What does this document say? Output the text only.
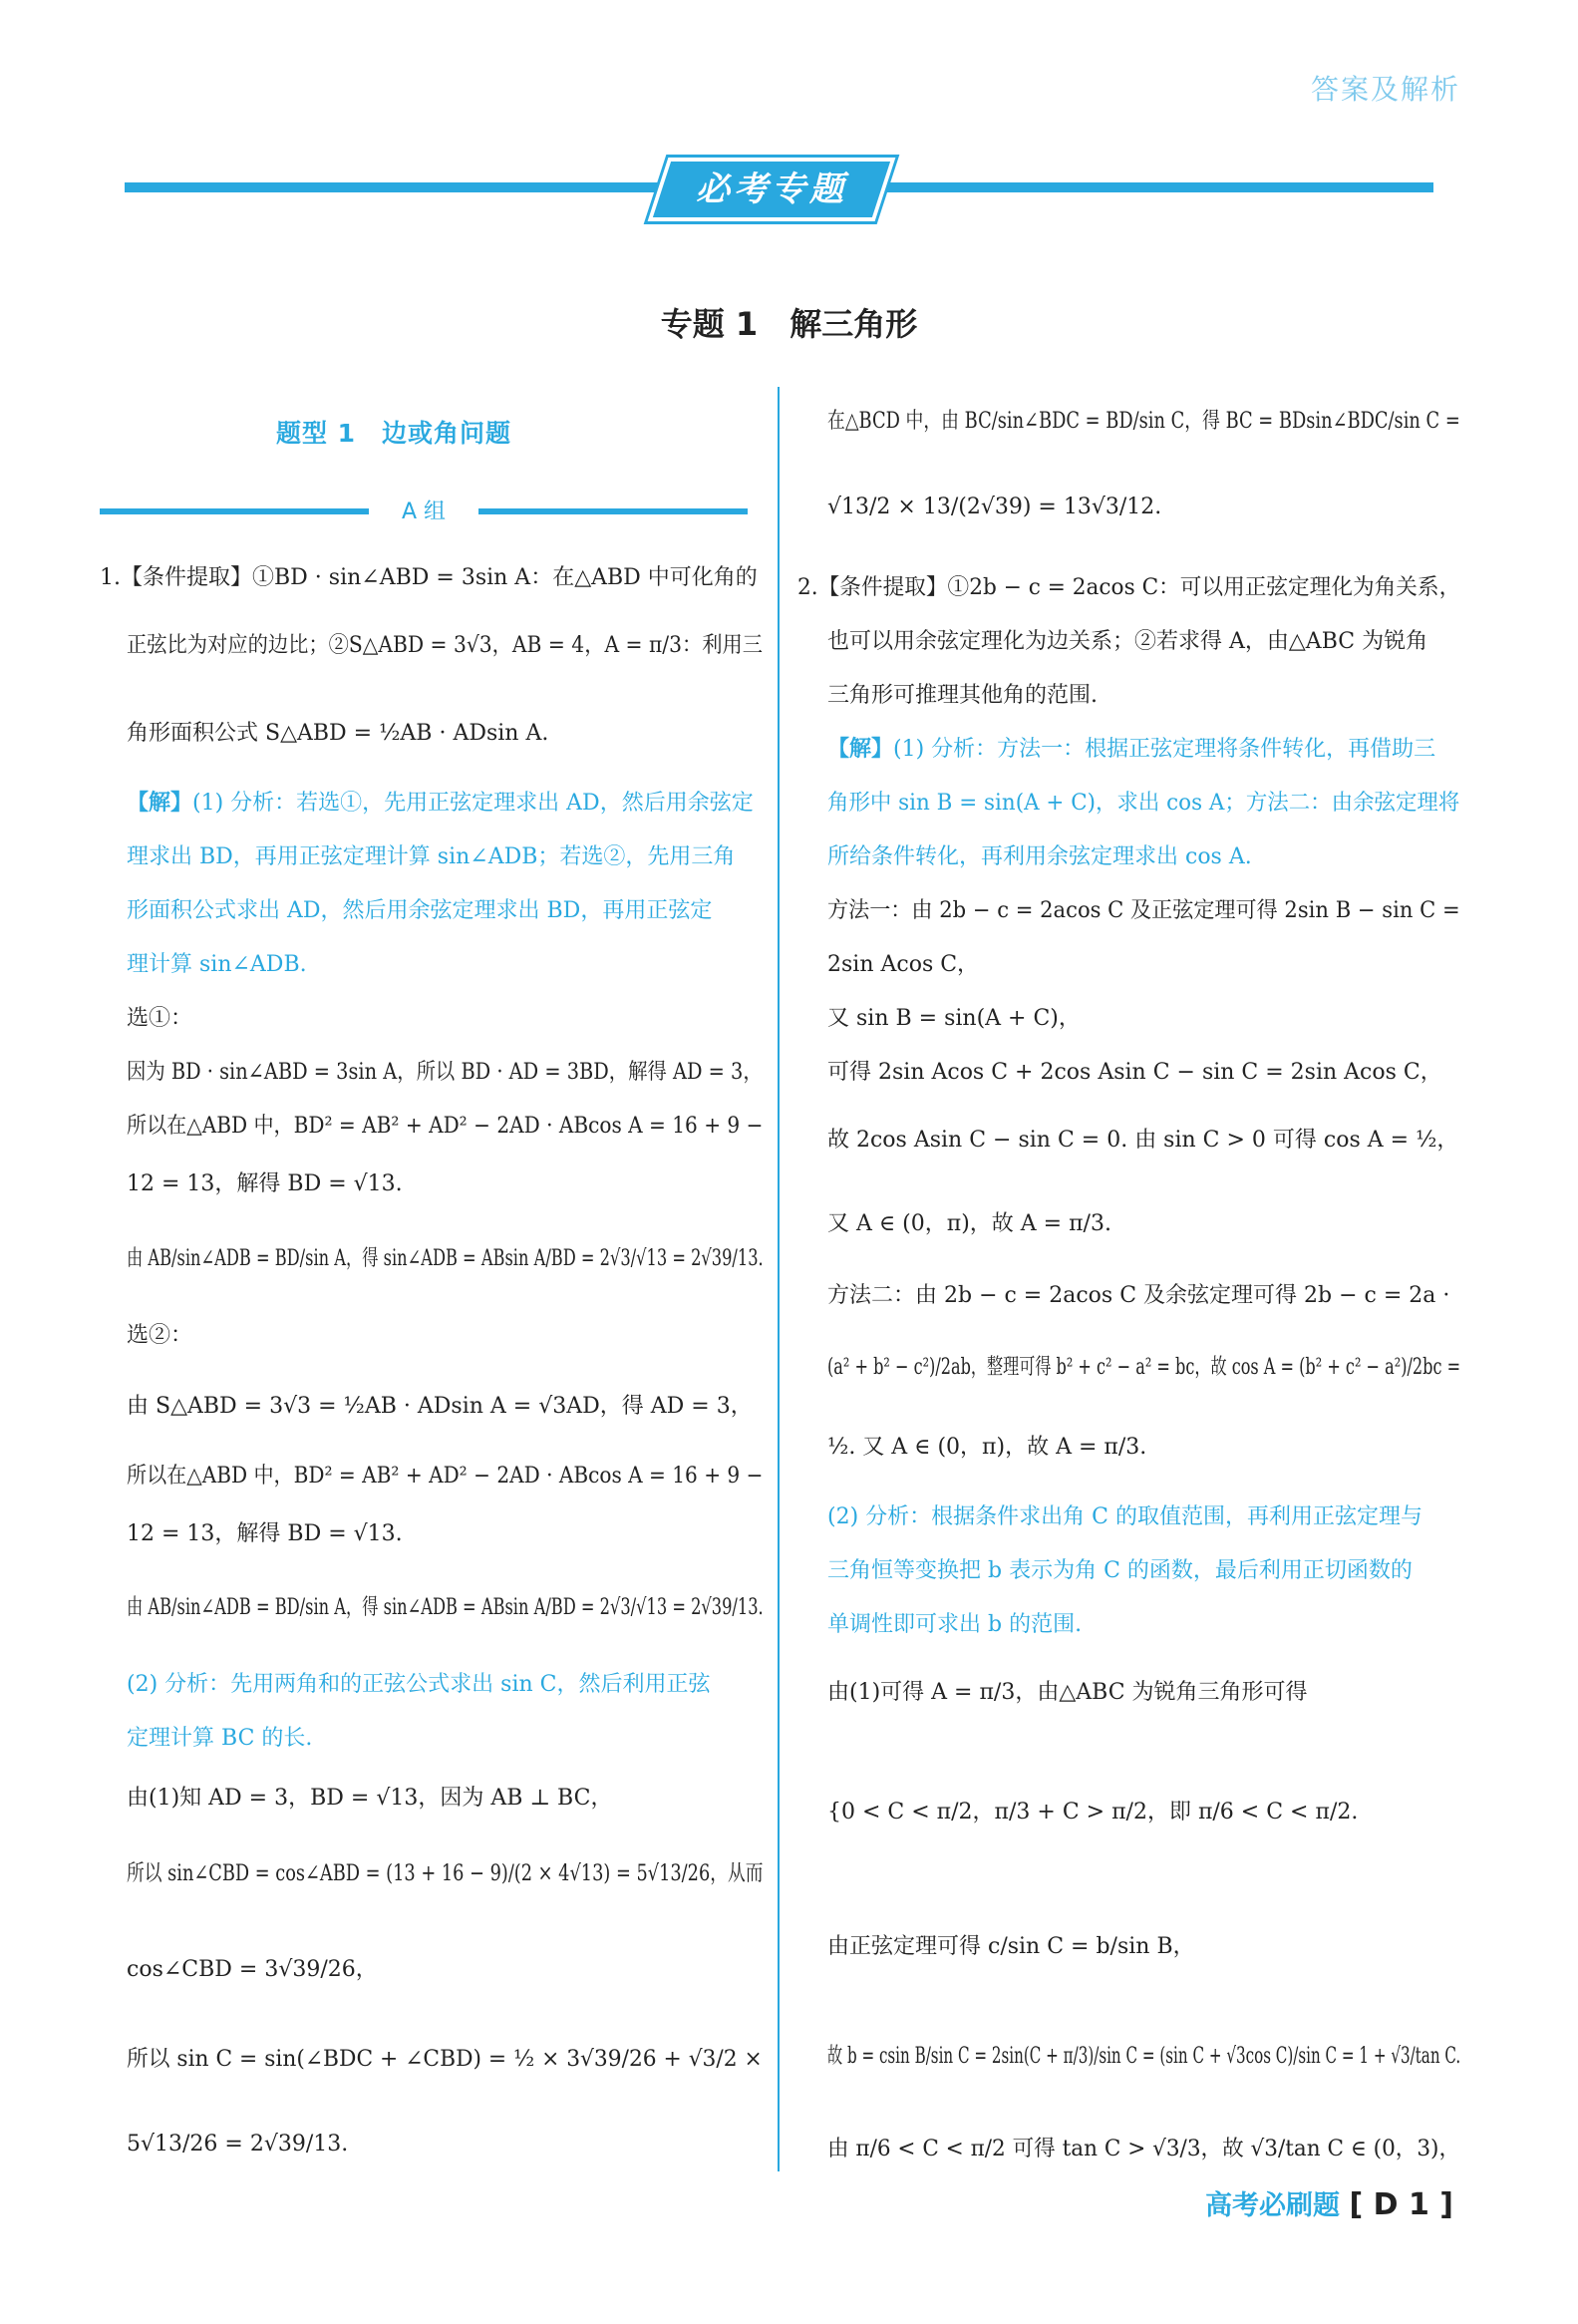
答案及解析
必考专题
专题 1　解三角形
题型 1　边或角问题
A 组
1.【条件提取】①BD · sin∠ABD = 3sin A：在△ABD 中可化角的
正弦比为对应的边比；②S△ABD = 3√3，AB = 4，A = π/3：利用三
角形面积公式 S△ABD = ½AB · ADsin A.
【解】(1) 分析：若选①，先用正弦定理求出 AD，然后用余弦定
理求出 BD，再用正弦定理计算 sin∠ADB；若选②，先用三角
形面积公式求出 AD，然后用余弦定理求出 BD，再用正弦定
理计算 sin∠ADB.
选①：
因为 BD · sin∠ABD = 3sin A，所以 BD · AD = 3BD，解得 AD = 3，
所以在△ABD 中，BD² = AB² + AD² − 2AD · ABcos A = 16 + 9 −
12 = 13，解得 BD = √13.
由 AB/sin∠ADB = BD/sin A，得 sin∠ADB = ABsin A/BD = 2√3/√13 = 2√39/13.
选②：
由 S△ABD = 3√3 = ½AB · ADsin A = √3AD，得 AD = 3，
所以在△ABD 中，BD² = AB² + AD² − 2AD · ABcos A = 16 + 9 −
12 = 13，解得 BD = √13.
由 AB/sin∠ADB = BD/sin A，得 sin∠ADB = ABsin A/BD = 2√3/√13 = 2√39/13.
(2) 分析：先用两角和的正弦公式求出 sin C，然后利用正弦
定理计算 BC 的长.
由(1)知 AD = 3，BD = √13，因为 AB ⊥ BC，
所以 sin∠CBD = cos∠ABD = (13 + 16 − 9)/(2 × 4√13) = 5√13/26，从而
cos∠CBD = 3√39/26，
所以 sin C = sin(∠BDC + ∠CBD) = ½ × 3√39/26 + √3/2 ×
5√13/26 = 2√39/13.
在△BCD 中，由 BC/sin∠BDC = BD/sin C，得 BC = BDsin∠BDC/sin C =
√13/2 × 13/(2√39) = 13√3/12.
2.【条件提取】①2b − c = 2acos C：可以用正弦定理化为角关系，
也可以用余弦定理化为边关系；②若求得 A，由△ABC 为锐角
三角形可推理其他角的范围.
【解】(1) 分析：方法一：根据正弦定理将条件转化，再借助三
角形中 sin B = sin(A + C)，求出 cos A；方法二：由余弦定理将
所给条件转化，再利用余弦定理求出 cos A.
方法一：由 2b − c = 2acos C 及正弦定理可得 2sin B − sin C =
2sin Acos C，
又 sin B = sin(A + C)，
可得 2sin Acos C + 2cos Asin C − sin C = 2sin Acos C，
故 2cos Asin C − sin C = 0. 由 sin C > 0 可得 cos A = ½，
又 A ∈ (0，π)，故 A = π/3.
方法二：由 2b − c = 2acos C 及余弦定理可得 2b − c = 2a ·
(a² + b² − c²)/2ab，整理可得 b² + c² − a² = bc，故 cos A = (b² + c² − a²)/2bc =
½. 又 A ∈ (0，π)，故 A = π/3.
(2) 分析：根据条件求出角 C 的取值范围，再利用正弦定理与
三角恒等变换把 b 表示为角 C 的函数，最后利用正切函数的
单调性即可求出 b 的范围.
由(1)可得 A = π/3，由△ABC 为锐角三角形可得
{0 < C < π/2，π/3 + C > π/2，即 π/6 < C < π/2.
由正弦定理可得 c/sin C = b/sin B，
故 b = csin B/sin C = 2sin(C + π/3)/sin C = (sin C + √3cos C)/sin C = 1 + √3/tan C.
由 π/6 < C < π/2 可得 tan C > √3/3，故 √3/tan C ∈ (0，3)，
高考必刷题 [ D 1 ]
